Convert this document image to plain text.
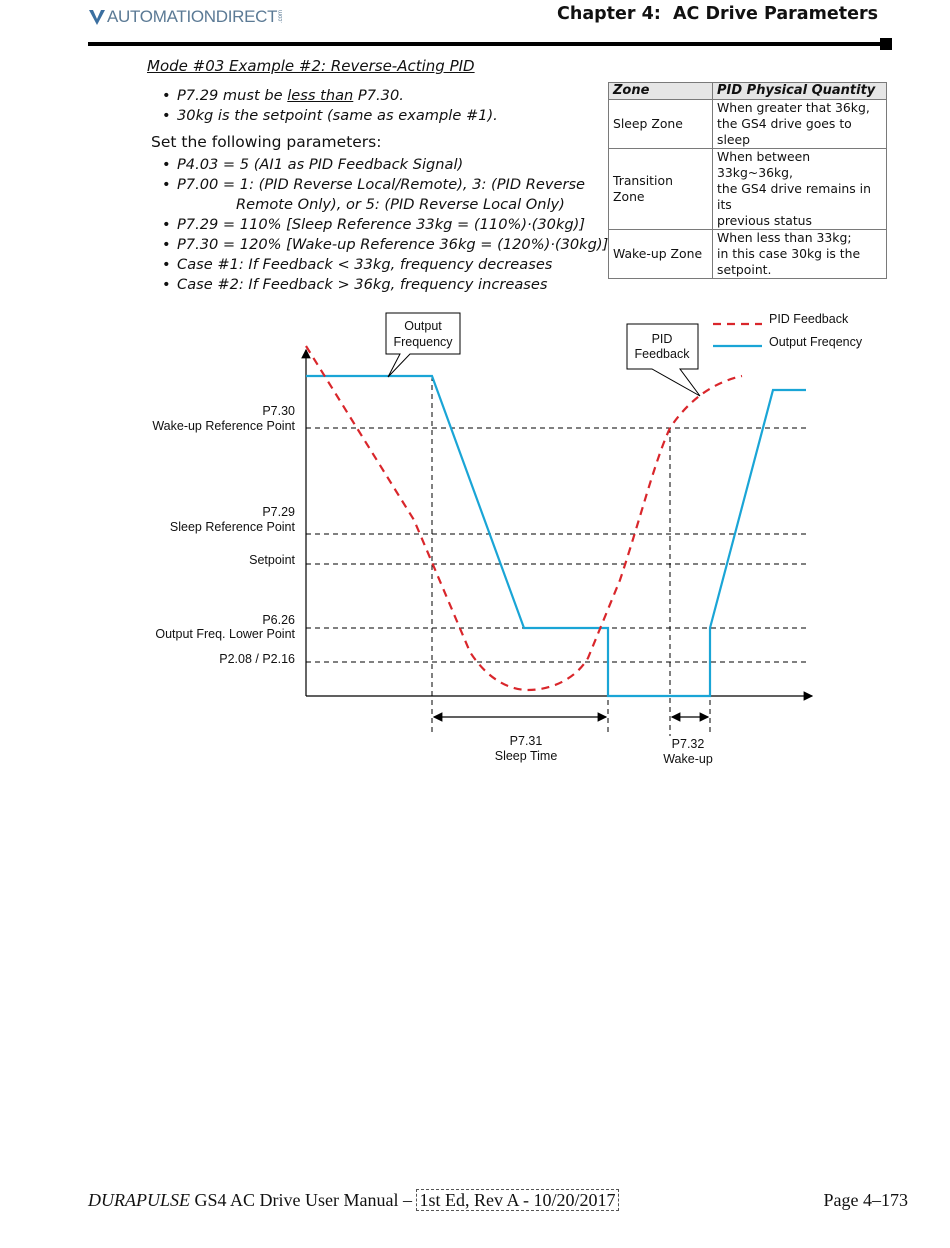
AUTOMATIONDIRECT .com	Chapter 4:  AC Drive Parameters
Mode #03 Example #2: Reverse-Acting PID
• P7.29 must be less than P7.30.
• 30kg is the setpoint (same as example #1).
Set the following parameters:
• P4.03 = 5 (AI1 as PID Feedback Signal)
• P7.00 = 1: (PID Reverse Local/Remote), 3: (PID Reverse
Remote Only), or 5: (PID Reverse Local Only)
• P7.29 = 110% [Sleep Reference 33kg = (110%)·(30kg)]
• P7.30 = 120% [Wake-up Reference 36kg = (120%)·(30kg)]
• Case #1: If Feedback < 33kg, frequency decreases
• Case #2: If Feedback > 36kg, frequency increases
Zone	PID Physical Quantity
Sleep Zone	When greater that 36kg,
the GS4 drive goes to sleep

Transition Zone	When between 33kg~36kg,
the GS4 drive remains in its
previous status

Wake-up Zone	When less than 33kg;
in this case 30kg is the
setpoint.
Output
Frequency	PID
Feedback
PID Feedback
Output Freqency
P7.30
Wake-up Reference Point
P7.29
Sleep Reference Point
Setpoint
P6.26
Output Freq. Lower Point
P2.08 / P2.16
P7.31
Sleep Time
P7.32
Wake-up
DURAPULSE GS4 AC Drive User Manual – 1st Ed, Rev A - 10/20/2017	Page 4–173
